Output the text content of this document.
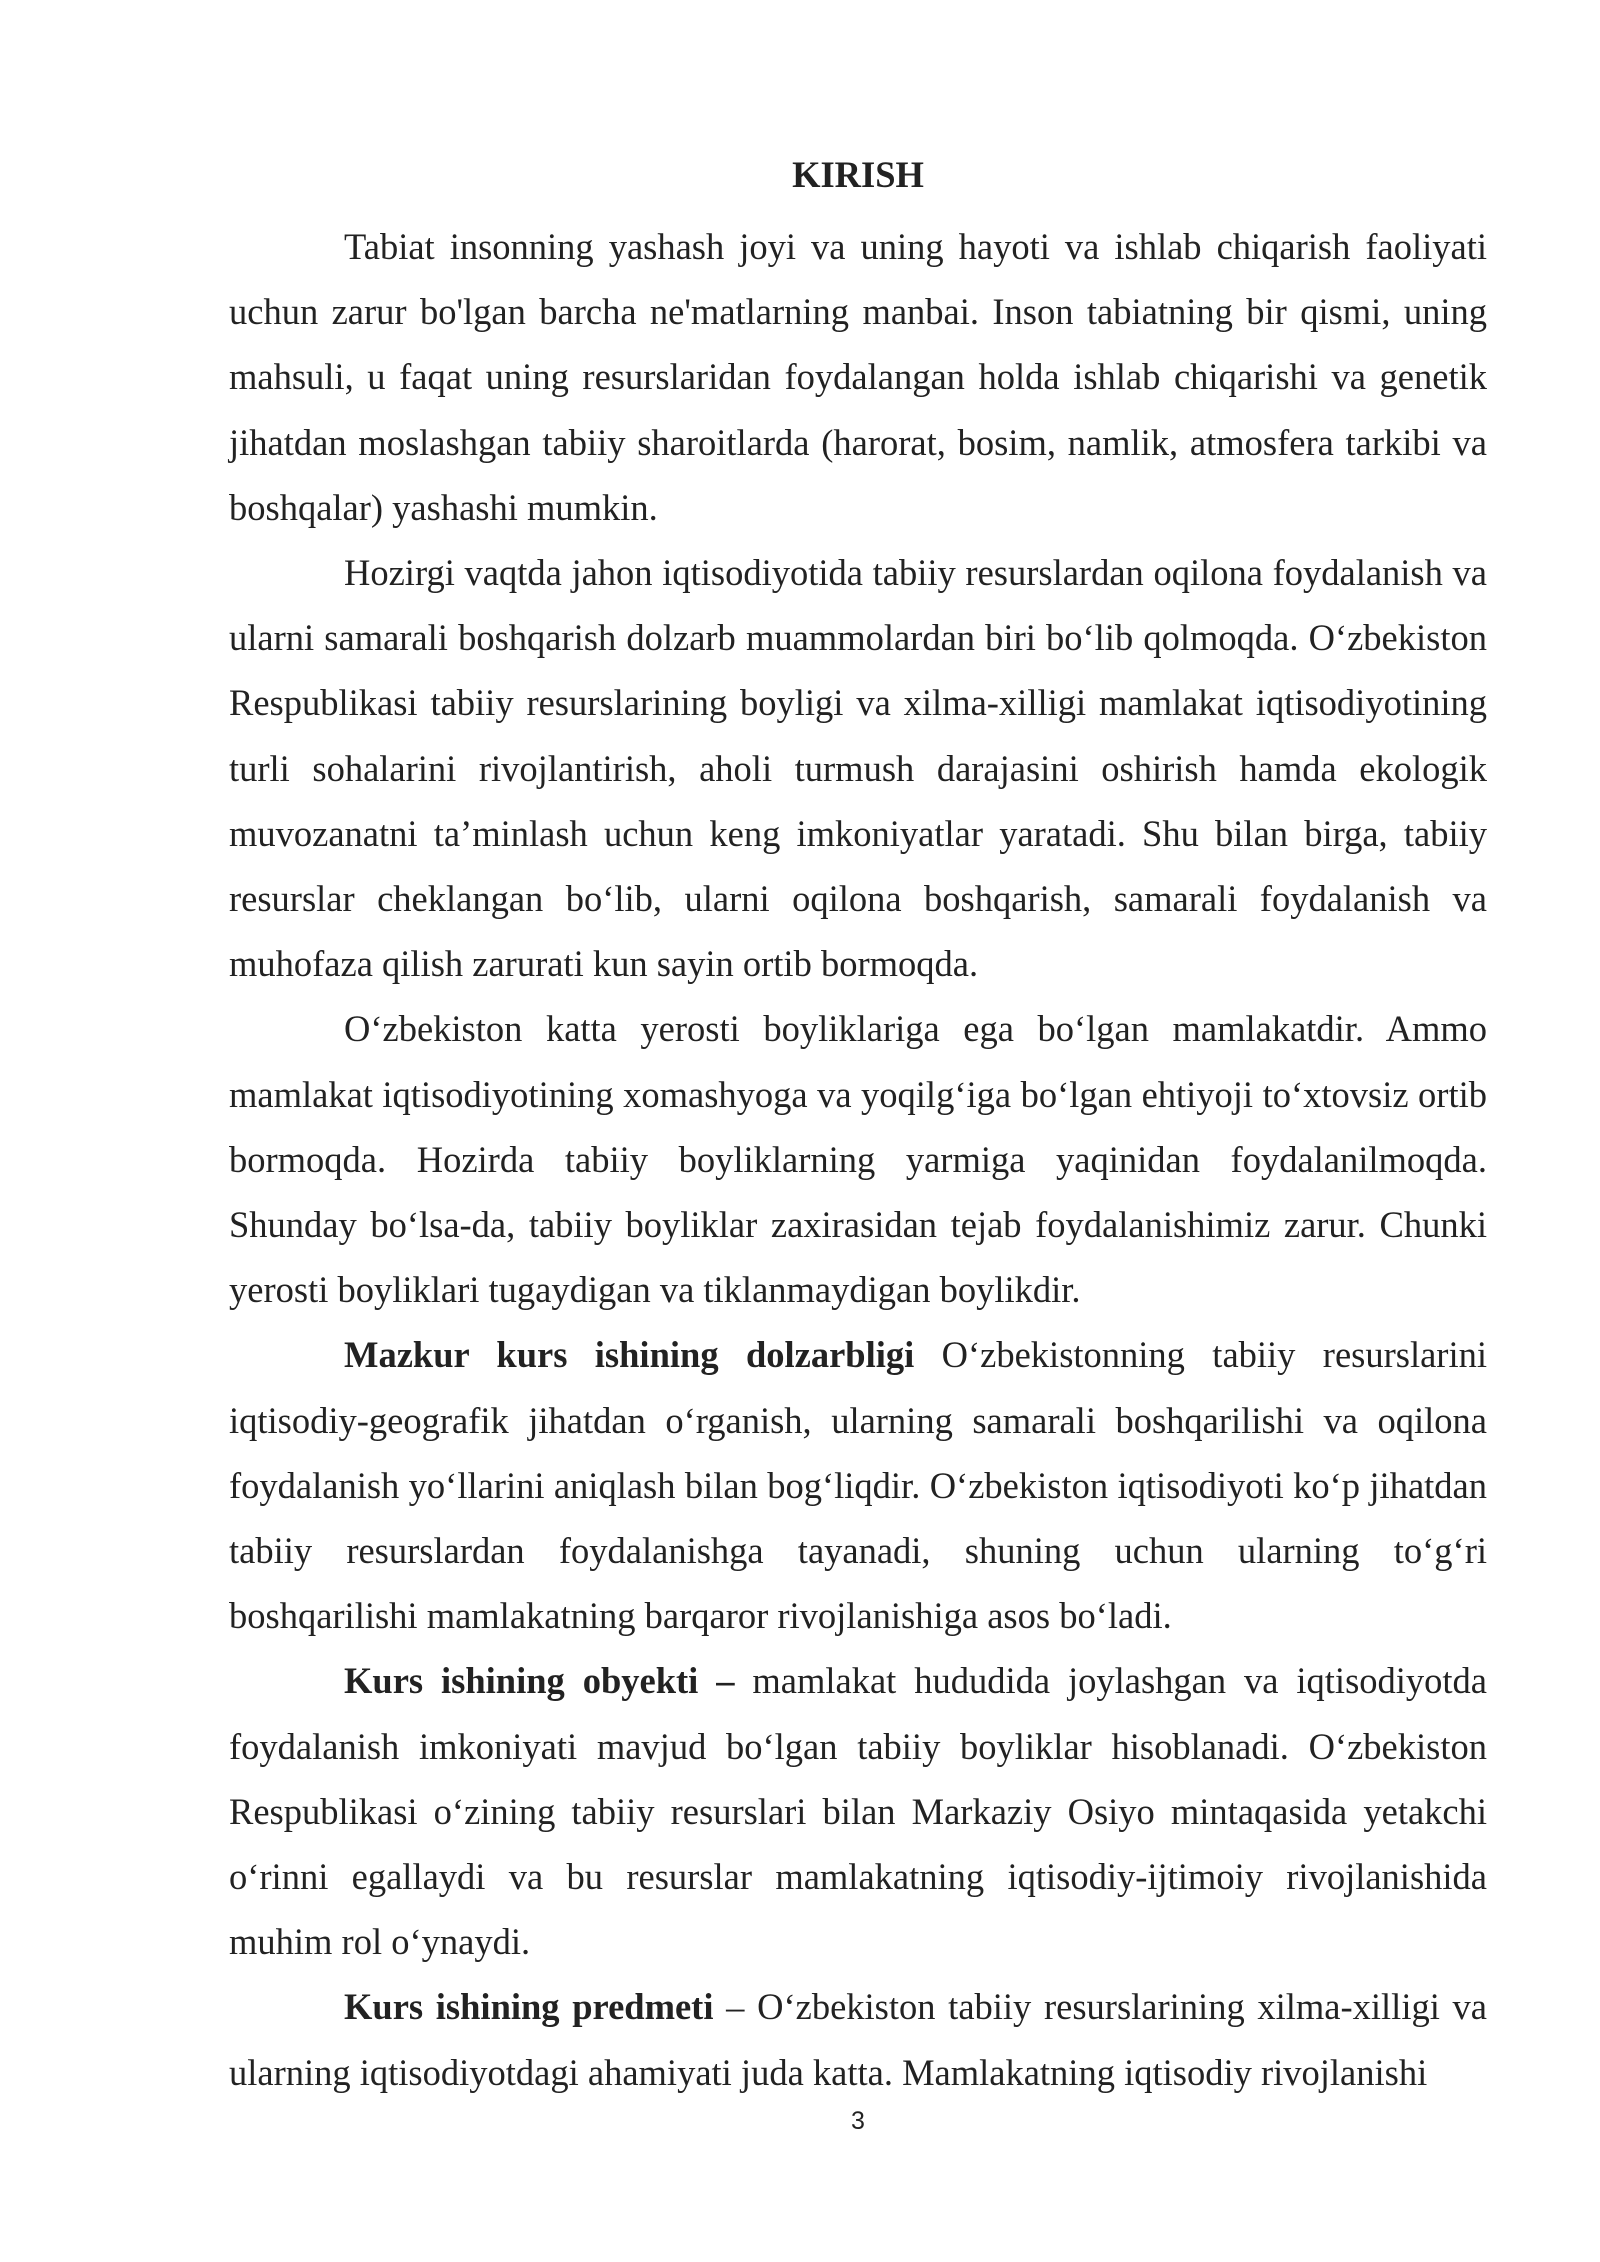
KIRISH

Tabiat insonning yashash joyi va uning hayoti va ishlab chiqarish faoliyati uchun zarur bo'lgan barcha ne'matlarning manbai. Inson tabiatning bir qismi, uning mahsuli, u faqat uning resurslaridan foydalangan holda ishlab chiqarishi va genetik jihatdan moslashgan tabiiy sharoitlarda (harorat, bosim, namlik, atmosfera tarkibi va boshqalar) yashashi mumkin.

Hozirgi vaqtda jahon iqtisodiyotida tabiiy resurslardan oqilona foydalanish va ularni samarali boshqarish dolzarb muammolardan biri bo‘lib qolmoqda. O‘zbekiston Respublikasi tabiiy resurslarining boyligi va xilma-xilligi mamlakat iqtisodiyotining turli sohalarini rivojlantirish, aholi turmush darajasini oshirish hamda ekologik muvozanatni ta’minlash uchun keng imkoniyatlar yaratadi. Shu bilan birga, tabiiy resurslar cheklangan bo‘lib, ularni oqilona boshqarish, samarali foydalanish va muhofaza qilish zarurati kun sayin ortib bormoqda.

O‘zbekiston katta yerosti boyliklariga ega bo‘lgan mamlakatdir. Ammo mamlakat iqtisodiyotining xomashyoga va yoqilg‘iga bo‘lgan ehtiyoji to‘xtovsiz ortib bormoqda. Hozirda tabiiy boyliklarning yarmiga yaqinidan foydalanilmoqda. Shunday bo‘lsa-da, tabiiy boyliklar zaxirasidan tejab foydalanishimiz zarur. Chunki yerosti boyliklari tugaydigan va tiklanmaydigan boylikdir.

Mazkur kurs ishining dolzarbligi O‘zbekistonning tabiiy resurslarini iqtisodiy-geografik jihatdan o‘rganish, ularning samarali boshqarilishi va oqilona foydalanish yo‘llarini aniqlash bilan bog‘liqdir. O‘zbekiston iqtisodiyoti ko‘p jihatdan tabiiy resurslardan foydalanishga tayanadi, shuning uchun ularning to‘g‘ri boshqarilishi mamlakatning barqaror rivojlanishiga asos bo‘ladi.

Kurs ishining obyekti – mamlakat hududida joylashgan va iqtisodiyotda foydalanish imkoniyati mavjud bo‘lgan tabiiy boyliklar hisoblanadi. O‘zbekiston Respublikasi o‘zining tabiiy resurslari bilan Markaziy Osiyo mintaqasida yetakchi o‘rinni egallaydi va bu resurslar mamlakatning iqtisodiy-ijtimoiy rivojlanishida muhim rol o‘ynaydi.

Kurs ishining predmeti – O‘zbekiston tabiiy resurslarining xilma-xilligi va ularning iqtisodiyotdagi ahamiyati juda katta. Mamlakatning iqtisodiy rivojlanishi

3
